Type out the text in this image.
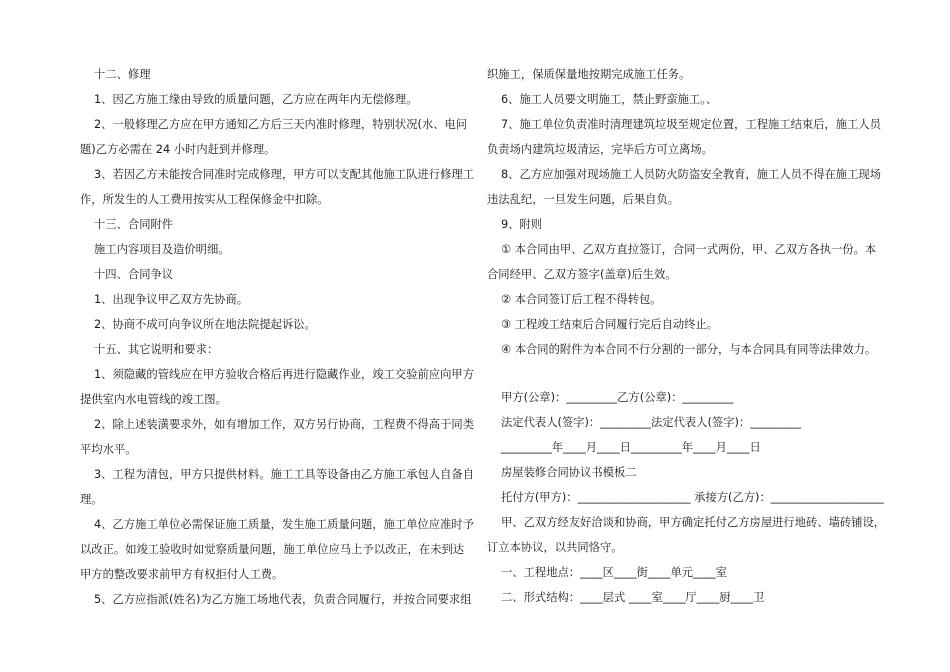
十二、修理
1、因乙方施工缘由导致的质量问题，乙方应在两年内无偿修理。
2、一般修理乙方应在甲方通知乙方后三天内准时修理，特别状况(水、电问
题)乙方必需在 24 小时内赶到并修理。
3、若因乙方未能按合同准时完成修理，甲方可以支配其他施工队进行修理工
作，所发生的人工费用按实从工程保修金中扣除。
十三、合同附件
施工内容项目及造价明细。
十四、合同争议
1、出现争议甲乙双方先协商。
2、协商不成可向争议所在地法院提起诉讼。
十五、其它说明和要求：
1、须隐藏的管线应在甲方验收合格后再进行隐藏作业，竣工交验前应向甲方
提供室内水电管线的竣工图。
2、除上述装潢要求外，如有增加工作，双方另行协商，工程费不得高于同类
平均水平。
3、工程为清包，甲方只提供材料。施工工具等设备由乙方施工承包人自备自
理。
4、乙方施工单位必需保证施工质量，发生施工质量问题，施工单位应准时予
以改正。如竣工验收时如觉察质量问题，施工单位应马上予以改正，在未到达
甲方的整改要求前甲方有权拒付人工费。
5、乙方应指派(姓名)为乙方施工场地代表，负责合同履行，并按合同要求组
织施工，保质保量地按期完成施工任务。
6、施工人员要文明施工，禁止野蛮施工。、
7、施工单位负责准时清理建筑垃圾至规定位置，工程施工结束后，施工人员
负责场内建筑垃圾清运，完毕后方可立离场。
8、乙方应加强对现场施工人员防火防盗安全教育，施工人员不得在施工现场
违法乱纪，一旦发生问题，后果自负。
9、附则
① 本合同由甲、乙双方直拉签订，合同一式两份，甲、乙双方各执一份。本
合同经甲、乙双方签字(盖章)后生效。
② 本合同签订后工程不得转包。
③ 工程竣工结束后合同履行完后自动终止。
④ 本合同的附件为本合同不行分割的一部分，与本合同具有同等法律效力。
甲方(公章)：_________乙方(公章)：_________
法定代表人(签字)：_________法定代表人(签字)：_________
_________年____月____日_________年____月____日
房屋装修合同协议书模板二
托付方(甲方)：____________________ 承接方(乙方)：____________________
甲、乙双方经友好洽谈和协商，甲方确定托付乙方房屋进行地砖、墙砖铺设，
订立本协议，以共同恪守。
一、工程地点：____区____街____单元____室
二、形式结构：____层式 ____室____厅____厨____卫
